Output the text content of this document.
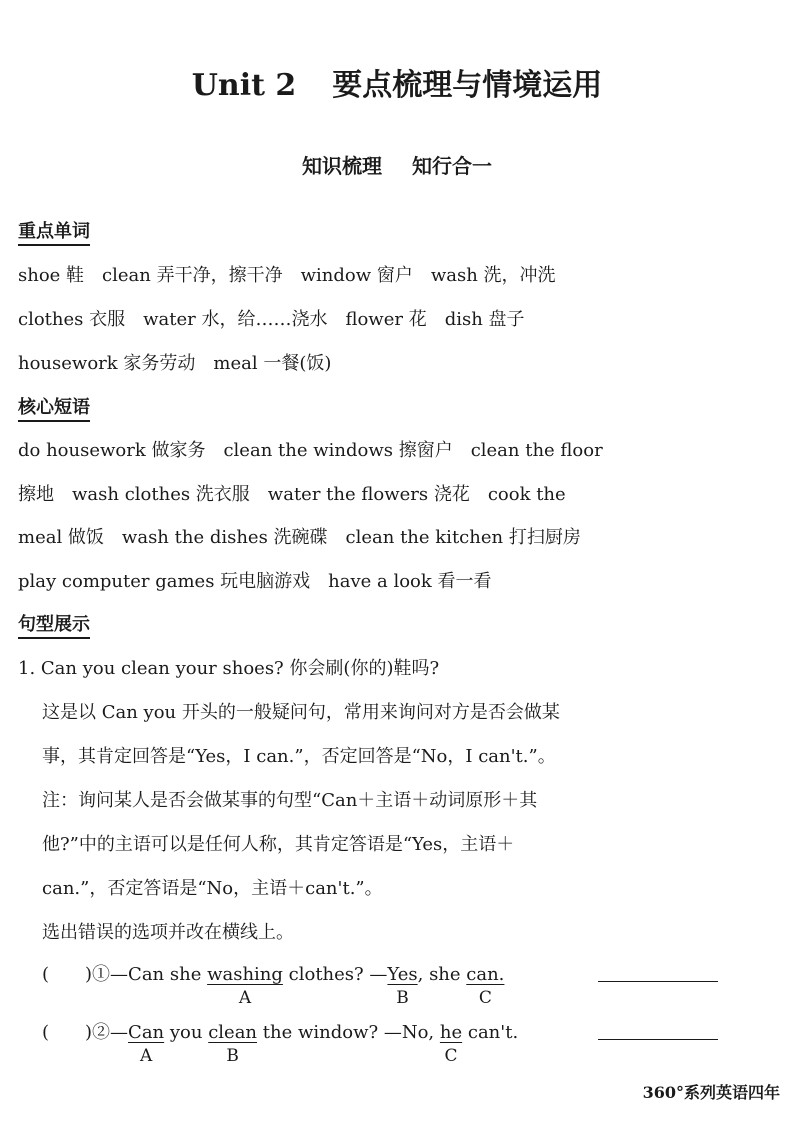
Unit 2 要点梳理与情境运用
知识梳理 知行合一
重点单词
shoe 鞋　clean 弄干净，擦干净　window 窗户　wash 洗，冲洗
clothes 衣服　water 水，给……浇水　flower 花　dish 盘子
housework 家务劳动　meal 一餐(饭)
核心短语
do housework 做家务　clean the windows 擦窗户　clean the floor
擦地　wash clothes 洗衣服　water the flowers 浇花　cook the
meal 做饭　wash the dishes 洗碗碟　clean the kitchen 打扫厨房
play computer games 玩电脑游戏　have a look 看一看
句型展示
1. Can you clean your shoes? 你会刷(你的)鞋吗?
这是以 Can you 开头的一般疑问句，常用来询问对方是否会做某
事，其肯定回答是“Yes，I can.”，否定回答是“No，I can't.”。
注：询问某人是否会做某事的句型“Can＋主语＋动词原形＋其
他?”中的主语可以是任何人称，其肯定答语是“Yes，主语＋
can.”，否定答语是“No，主语＋can't.”。
选出错误的选项并改在横线上。
(　　)①—Can she washing
A
clothes? —Yes
B
, she can.
C
(　　)②—Can
A
you clean
B
the window? —No, he
C
can't.
360°系列英语四年
